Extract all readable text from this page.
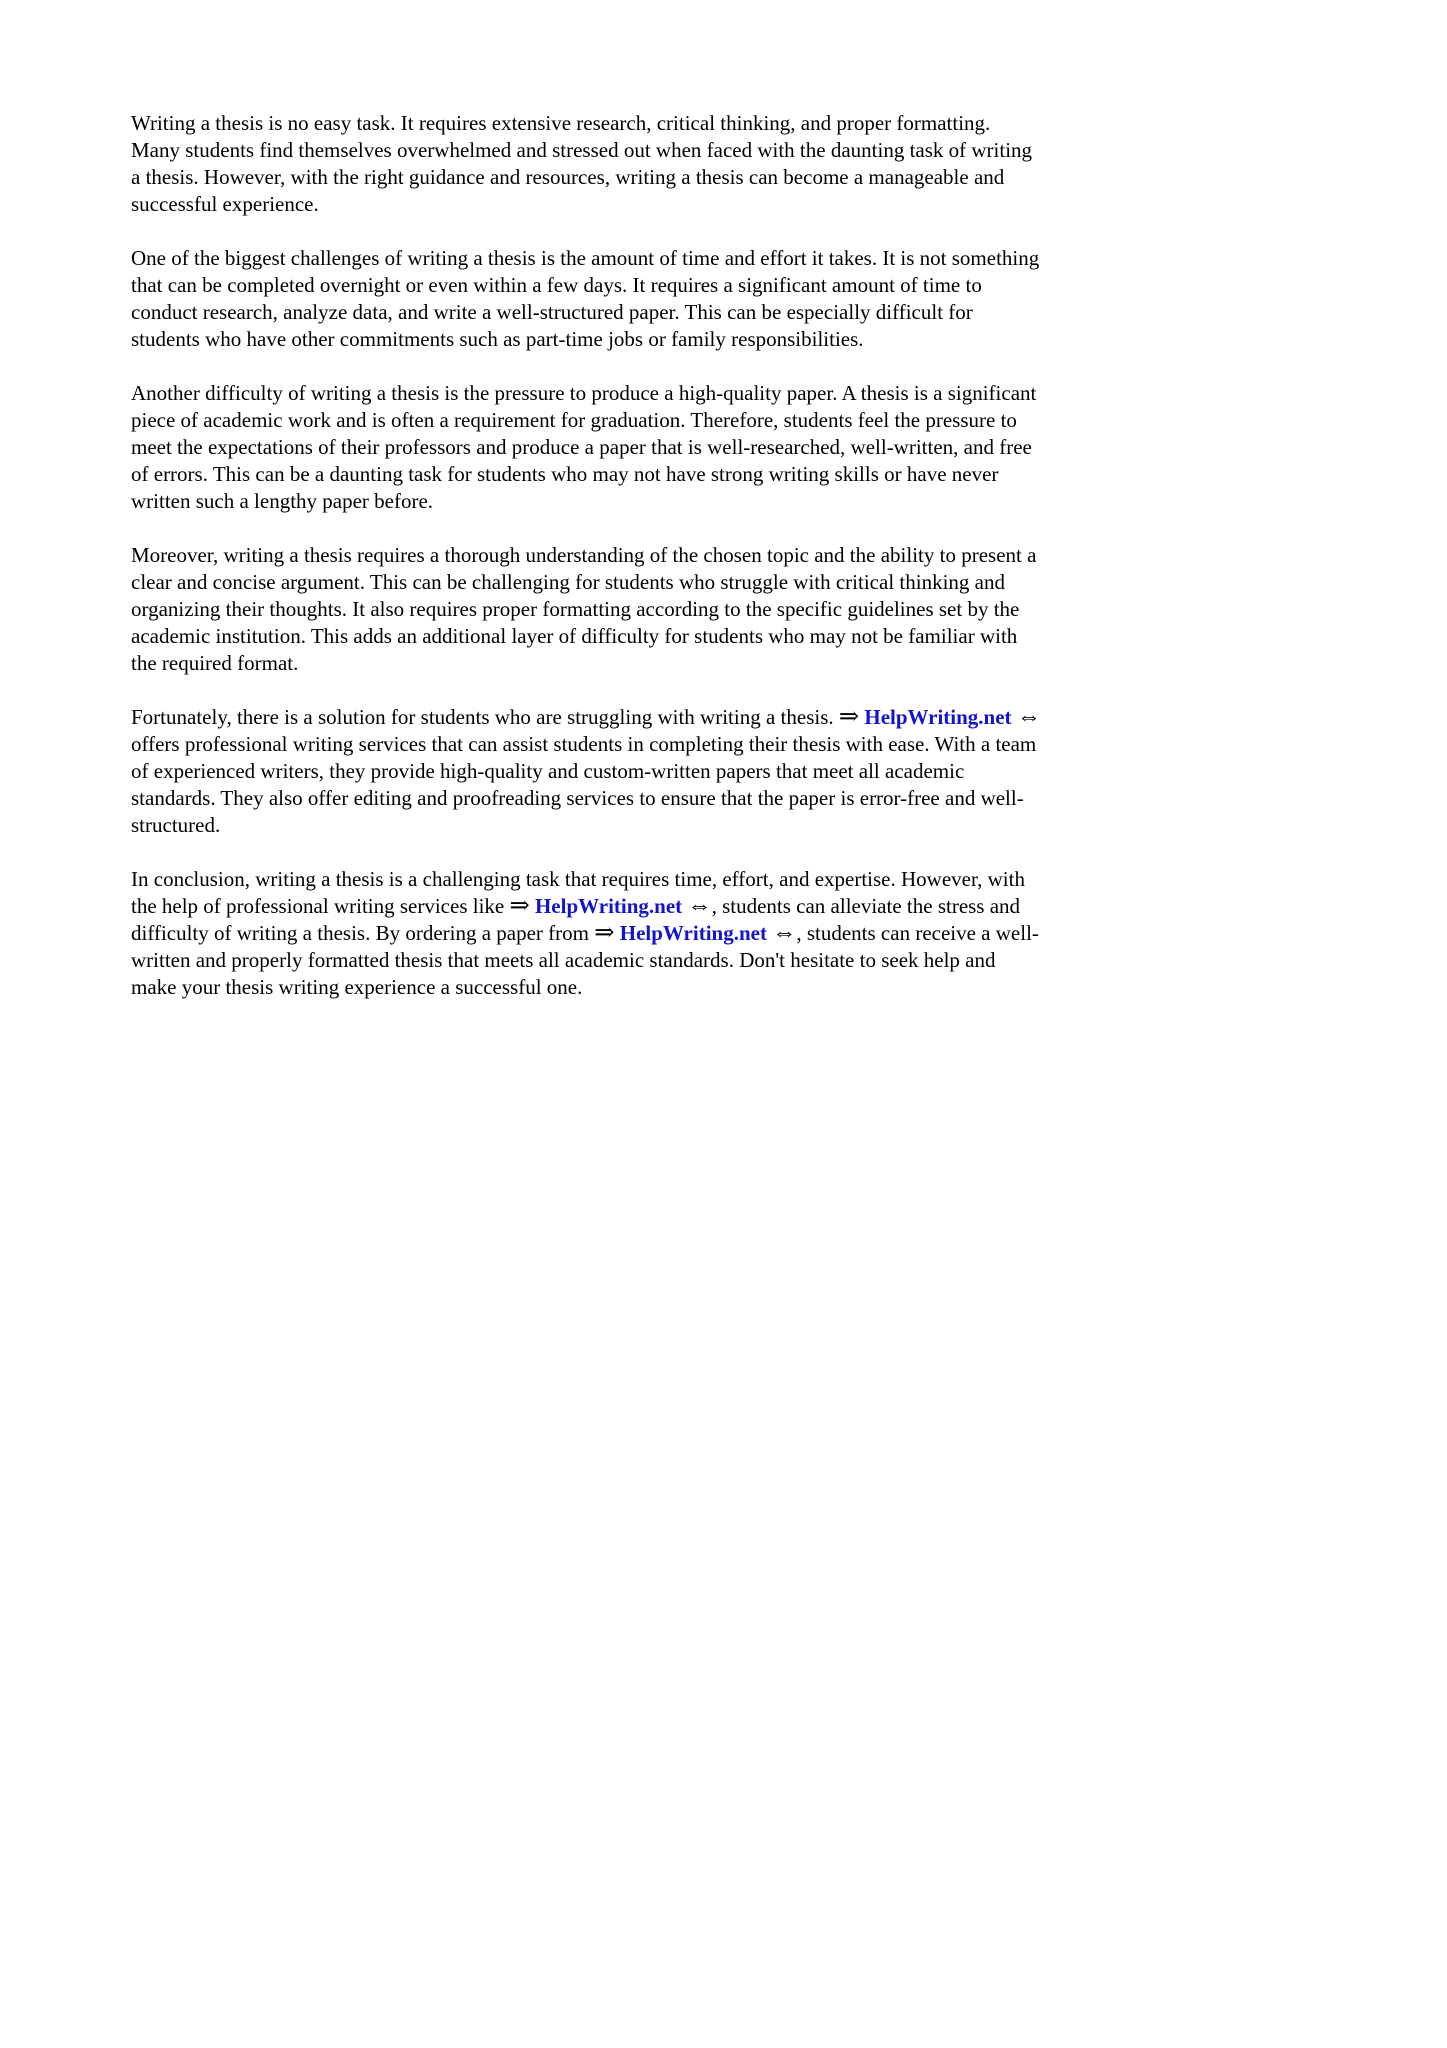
Writing a thesis is no easy task. It requires extensive research, critical thinking, and proper formatting. Many students find themselves overwhelmed and stressed out when faced with the daunting task of writing a thesis. However, with the right guidance and resources, writing a thesis can become a manageable and successful experience.

One of the biggest challenges of writing a thesis is the amount of time and effort it takes. It is not something that can be completed overnight or even within a few days. It requires a significant amount of time to conduct research, analyze data, and write a well-structured paper. This can be especially difficult for students who have other commitments such as part-time jobs or family responsibilities.

Another difficulty of writing a thesis is the pressure to produce a high-quality paper. A thesis is a significant piece of academic work and is often a requirement for graduation. Therefore, students feel the pressure to meet the expectations of their professors and produce a paper that is well-researched, well-written, and free of errors. This can be a daunting task for students who may not have strong writing skills or have never written such a lengthy paper before.

Moreover, writing a thesis requires a thorough understanding of the chosen topic and the ability to present a clear and concise argument. This can be challenging for students who struggle with critical thinking and organizing their thoughts. It also requires proper formatting according to the specific guidelines set by the academic institution. This adds an additional layer of difficulty for students who may not be familiar with the required format.

Fortunately, there is a solution for students who are struggling with writing a thesis. ⇒ HelpWriting.net ⇔ offers professional writing services that can assist students in completing their thesis with ease. With a team of experienced writers, they provide high-quality and custom-written papers that meet all academic standards. They also offer editing and proofreading services to ensure that the paper is error-free and well-structured.

In conclusion, writing a thesis is a challenging task that requires time, effort, and expertise. However, with the help of professional writing services like ⇒ HelpWriting.net ⇔, students can alleviate the stress and difficulty of writing a thesis. By ordering a paper from ⇒ HelpWriting.net ⇔, students can receive a well-written and properly formatted thesis that meets all academic standards. Don't hesitate to seek help and make your thesis writing experience a successful one.
